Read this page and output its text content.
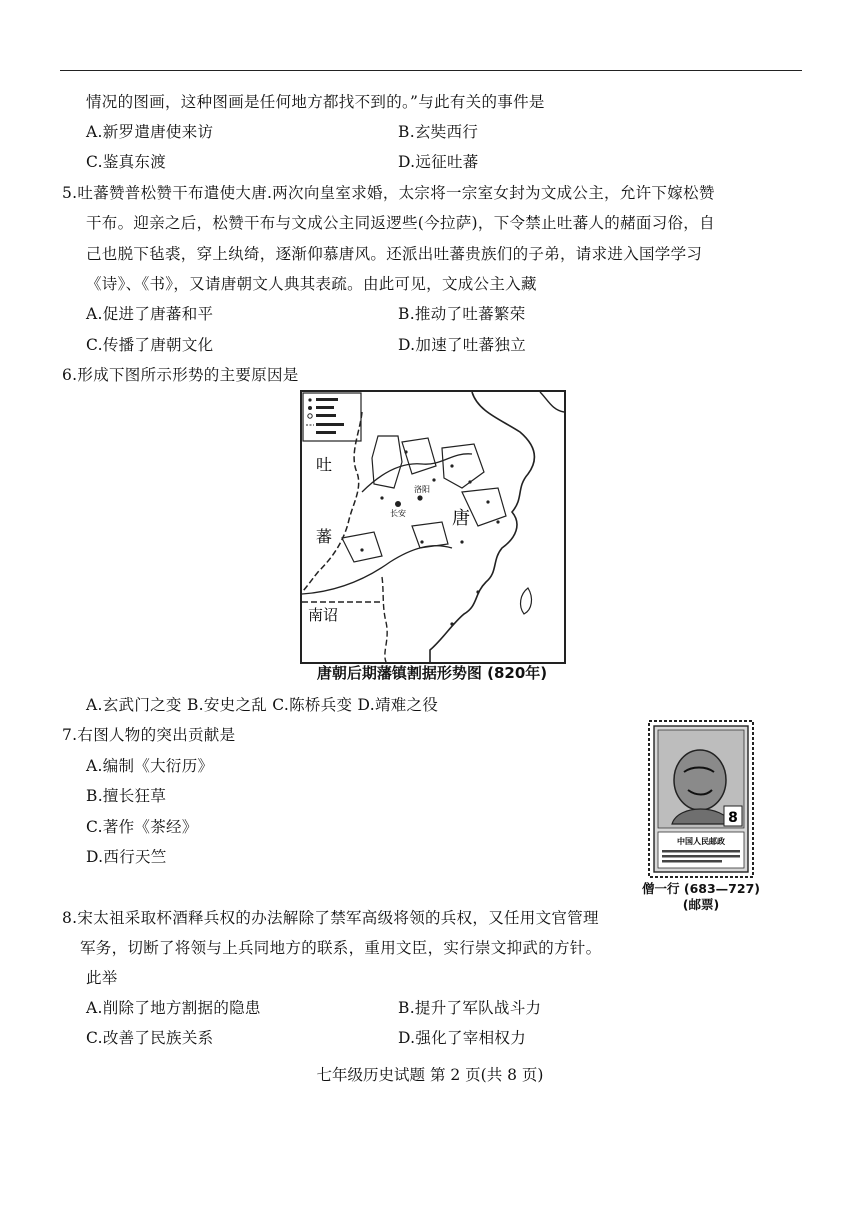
情况的图画，这种图画是任何地方都找不到的。”与此有关的事件是
A.新罗遣唐使来访	B.玄奘西行
C.鉴真东渡	D.远征吐蕃
5.吐蕃赞普松赞干布遣使大唐.两次向皇室求婚，太宗将一宗室女封为文成公主，允许下嫁松赞
干布。迎亲之后，松赞干布与文成公主同返逻些(今拉萨)，下令禁止吐蕃人的赭面习俗，自
己也脱下毡裘，穿上纨绮，逐渐仰慕唐风。还派出吐蕃贵族们的子弟，请求进入国学学习
《诗》、《书》，又请唐朝文人典其表疏。由此可见，文成公主入藏
A.促进了唐蕃和平	B.推动了吐蕃繁荣
C.传播了唐朝文化	D.加速了吐蕃独立
6.形成下图所示形势的主要原因是
吐
蕃
唐
南诏
长安
洛阳
唐朝后期藩镇割据形势图 (820年)
A.玄武门之变 B.安史之乱 C.陈桥兵变 D.靖难之役
7.右图人物的突出贡献是
A.编制《大衍历》
B.擅长狂草
C.著作《茶经》
D.西行天竺
8
中国人民邮政
僧一行 (683—727)
(邮票)
8.宋太祖采取杯酒释兵权的办法解除了禁军高级将领的兵权，又任用文官管理
军务，切断了将领与上兵同地方的联系，重用文臣，实行崇文抑武的方针。
此举
A.削除了地方割据的隐患	B.提升了军队战斗力
C.改善了民族关系	D.强化了宰相权力
七年级历史试题 第 2 页(共 8 页)
